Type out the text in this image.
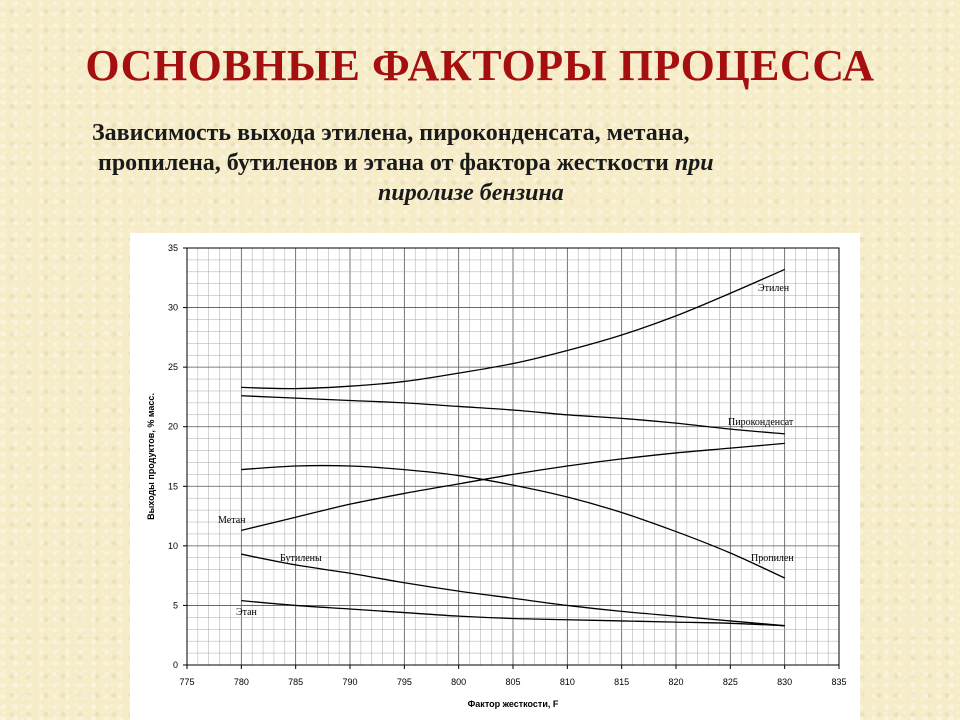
ОСНОВНЫЕ ФАКТОРЫ ПРОЦЕССА
Зависимость выхода этилена, пироконденсата, метана,
пропилена, бутиленов и этана от фактора жесткости при
пиролизе бензина
775	780	785	790	795	800	805	810	815	820	825	830	835
0
5
10
15
20
25
30
35
Этилен
Пироконденсат
Метан
Пропилен
Бутилены
Этан
Фактор жесткости, F
Выходы продуктов, % масс.
